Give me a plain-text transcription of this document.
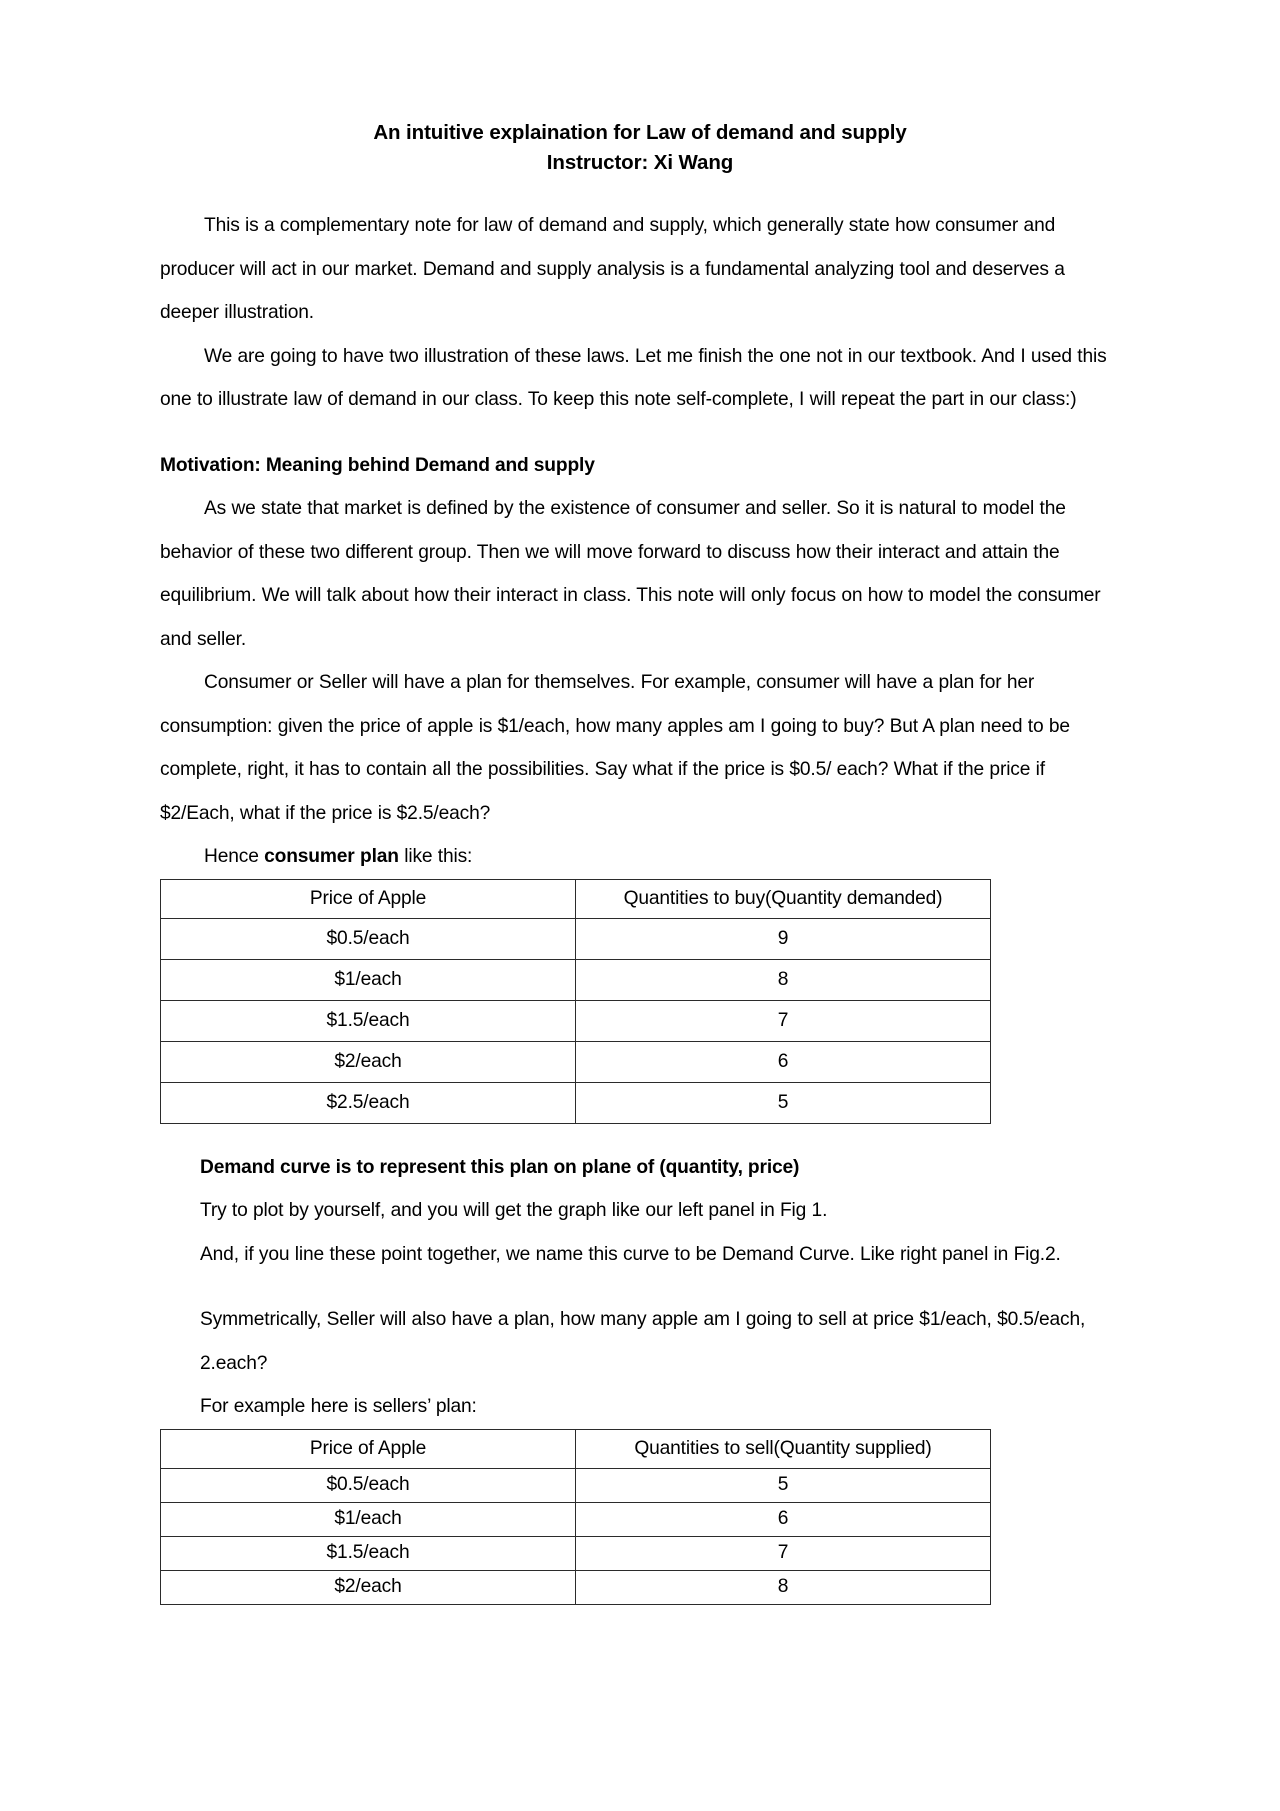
An intuitive explaination for Law of demand and supply
Instructor: Xi Wang

This is a complementary note for law of demand and supply, which generally state how consumer and producer will act in our market. Demand and supply analysis is a fundamental analyzing tool and deserves a deeper illustration.

We are going to have two illustration of these laws. Let me finish the one not in our textbook. And I used this one to illustrate law of demand in our class. To keep this note self-complete, I will repeat the part in our class:)

Motivation: Meaning behind Demand and supply

As we state that market is defined by the existence of consumer and seller. So it is natural to model the behavior of these two different group. Then we will move forward to discuss how their interact and attain the equilibrium. We will talk about how their interact in class. This note will only focus on how to model the consumer and seller.

Consumer or Seller will have a plan for themselves. For example, consumer will have a plan for her consumption: given the price of apple is $1/each, how many apples am I going to buy? But A plan need to be complete, right, it has to contain all the possibilities. Say what if the price is $0.5/ each? What if the price if $2/Each, what if the price is $2.5/each?

Hence consumer plan like this:

Price of Apple	Quantities to buy(Quantity demanded)
$0.5/each	9
$1/each	8
$1.5/each	7
$2/each	6
$2.5/each	5
Demand curve is to represent this plan on plane of (quantity, price)

Try to plot by yourself, and you will get the graph like our left panel in Fig 1.

And, if you line these point together, we name this curve to be Demand Curve. Like right panel in Fig.2.

Symmetrically, Seller will also have a plan, how many apple am I going to sell at price $1/each, $0.5/each, 2.each?

For example here is sellers’ plan:

Price of Apple	Quantities to sell(Quantity supplied)
$0.5/each	5
$1/each	6
$1.5/each	7
$2/each	8
